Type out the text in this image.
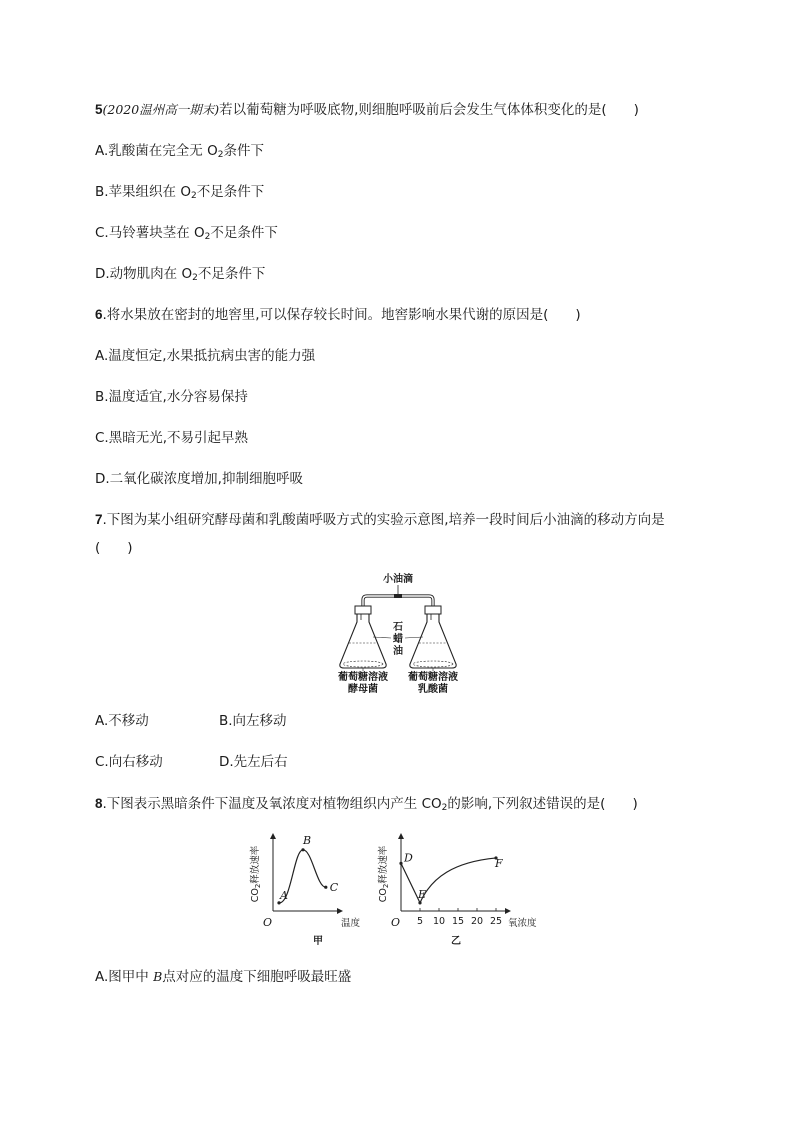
5(2020温州高一期末)若以葡萄糖为呼吸底物,则细胞呼吸前后会发生气体体积变化的是(　　)
A.乳酸菌在完全无 $O_2$条件下
B.苹果组织在 $O_2$不足条件下
C.马铃薯块茎在 $O_2$不足条件下
D.动物肌肉在 $O_2$不足条件下
6.将水果放在密封的地窖里,可以保存较长时间。地窖影响水果代谢的原因是(　　)
A.温度恒定,水果抵抗病虫害的能力强
B.温度适宜,水分容易保持
C.黑暗无光,不易引起早熟
D.二氧化碳浓度增加,抑制细胞呼吸
7.下图为某小组研究酵母菌和乳酸菌呼吸方式的实验示意图,培养一段时间后小油滴的移动方向是
(　　)
小油滴
石
蜡
油
葡萄糖溶液
酵母菌
葡萄糖溶液
乳酸菌
A.不移动	B.向左移动
C.向右移动	D.先左后右
8.下图表示黑暗条件下温度及氧浓度对植物组织内产生 $CO_2$的影响,下列叙述错误的是(　　)
$CO_2$释放速率
O	温度
甲
A
B
C
$CO_2$释放速率
O	氧浓度
乙
5 10 15 20 25
D
E
F
A.图甲中 B点对应的温度下细胞呼吸最旺盛
